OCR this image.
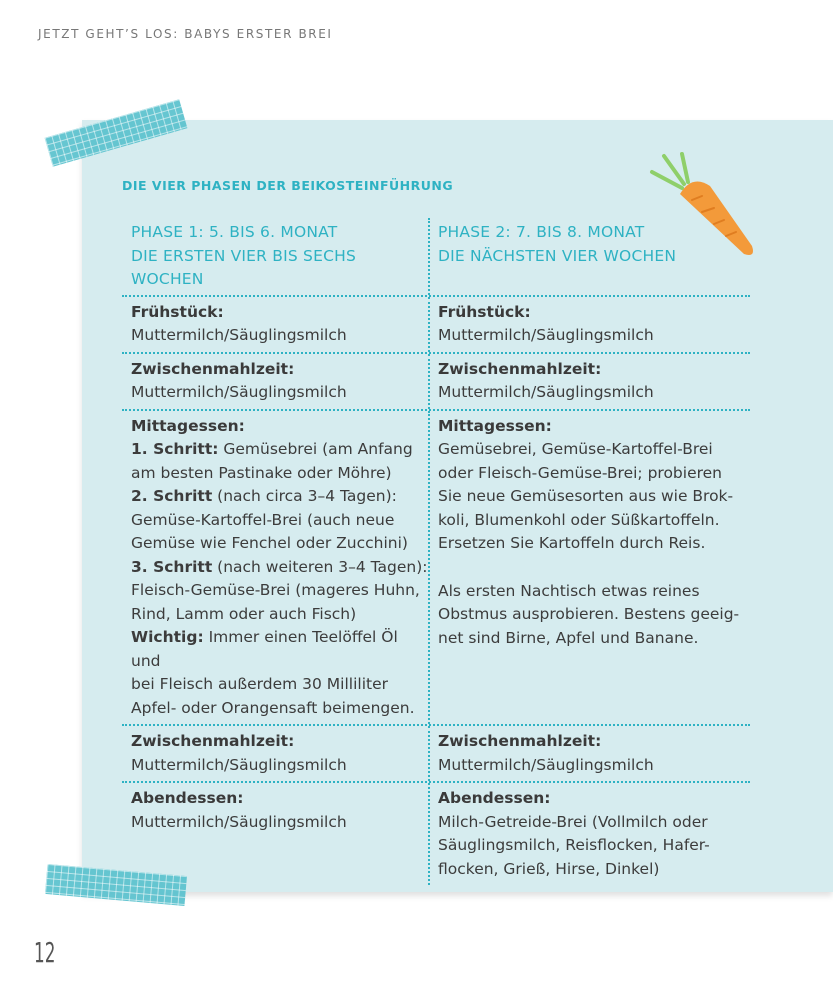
JETZT GEHT’S LOS: BABYS ERSTER BREI
DIE VIER PHASEN DER BEIKOSTEINFÜHRUNG
PHASE 1: 5. BIS 6. MONAT
DIE ERSTEN VIER BIS SECHS WOCHEN
PHASE 2: 7. BIS 8. MONAT
DIE NÄCHSTEN VIER WOCHEN
Frühstück:
Muttermilch/Säuglingsmilch
Frühstück:
Muttermilch/Säuglingsmilch
Zwischenmahlzeit:
Muttermilch/Säuglingsmilch
Zwischenmahlzeit:
Muttermilch/Säuglingsmilch
Mittagessen:
1. Schritt: Gemüsebrei (am Anfang
am besten Pastinake oder Möhre)
2. Schritt (nach circa 3–4 Tagen):
Gemüse-Kartoffel-Brei (auch neue
Gemüse wie Fenchel oder Zucchini)
3. Schritt (nach weiteren 3–4 Tagen):
Fleisch-Gemüse-Brei (mageres Huhn,
Rind, Lamm oder auch Fisch)
Wichtig: Immer einen Teelöffel Öl und
bei Fleisch außerdem 30 Milliliter
Apfel- oder Orangensaft beimengen.
Mittagessen:
Gemüsebrei, Gemüse-Kartoffel-Brei
oder Fleisch-Gemüse-Brei; probieren
Sie neue Gemüsesorten aus wie Brok-
koli, Blumenkohl oder Süßkartoffeln.
Ersetzen Sie Kartoffeln durch Reis.
Als ersten Nachtisch etwas reines
Obstmus ausprobieren. Bestens geeig-
net sind Birne, Apfel und Banane.
Zwischenmahlzeit:
Muttermilch/Säuglingsmilch
Zwischenmahlzeit:
Muttermilch/Säuglingsmilch
Abendessen:
Muttermilch/Säuglingsmilch
Abendessen:
Milch-Getreide-Brei (Vollmilch oder
Säuglingsmilch, Reisflocken, Hafer-
flocken, Grieß, Hirse, Dinkel)
12
